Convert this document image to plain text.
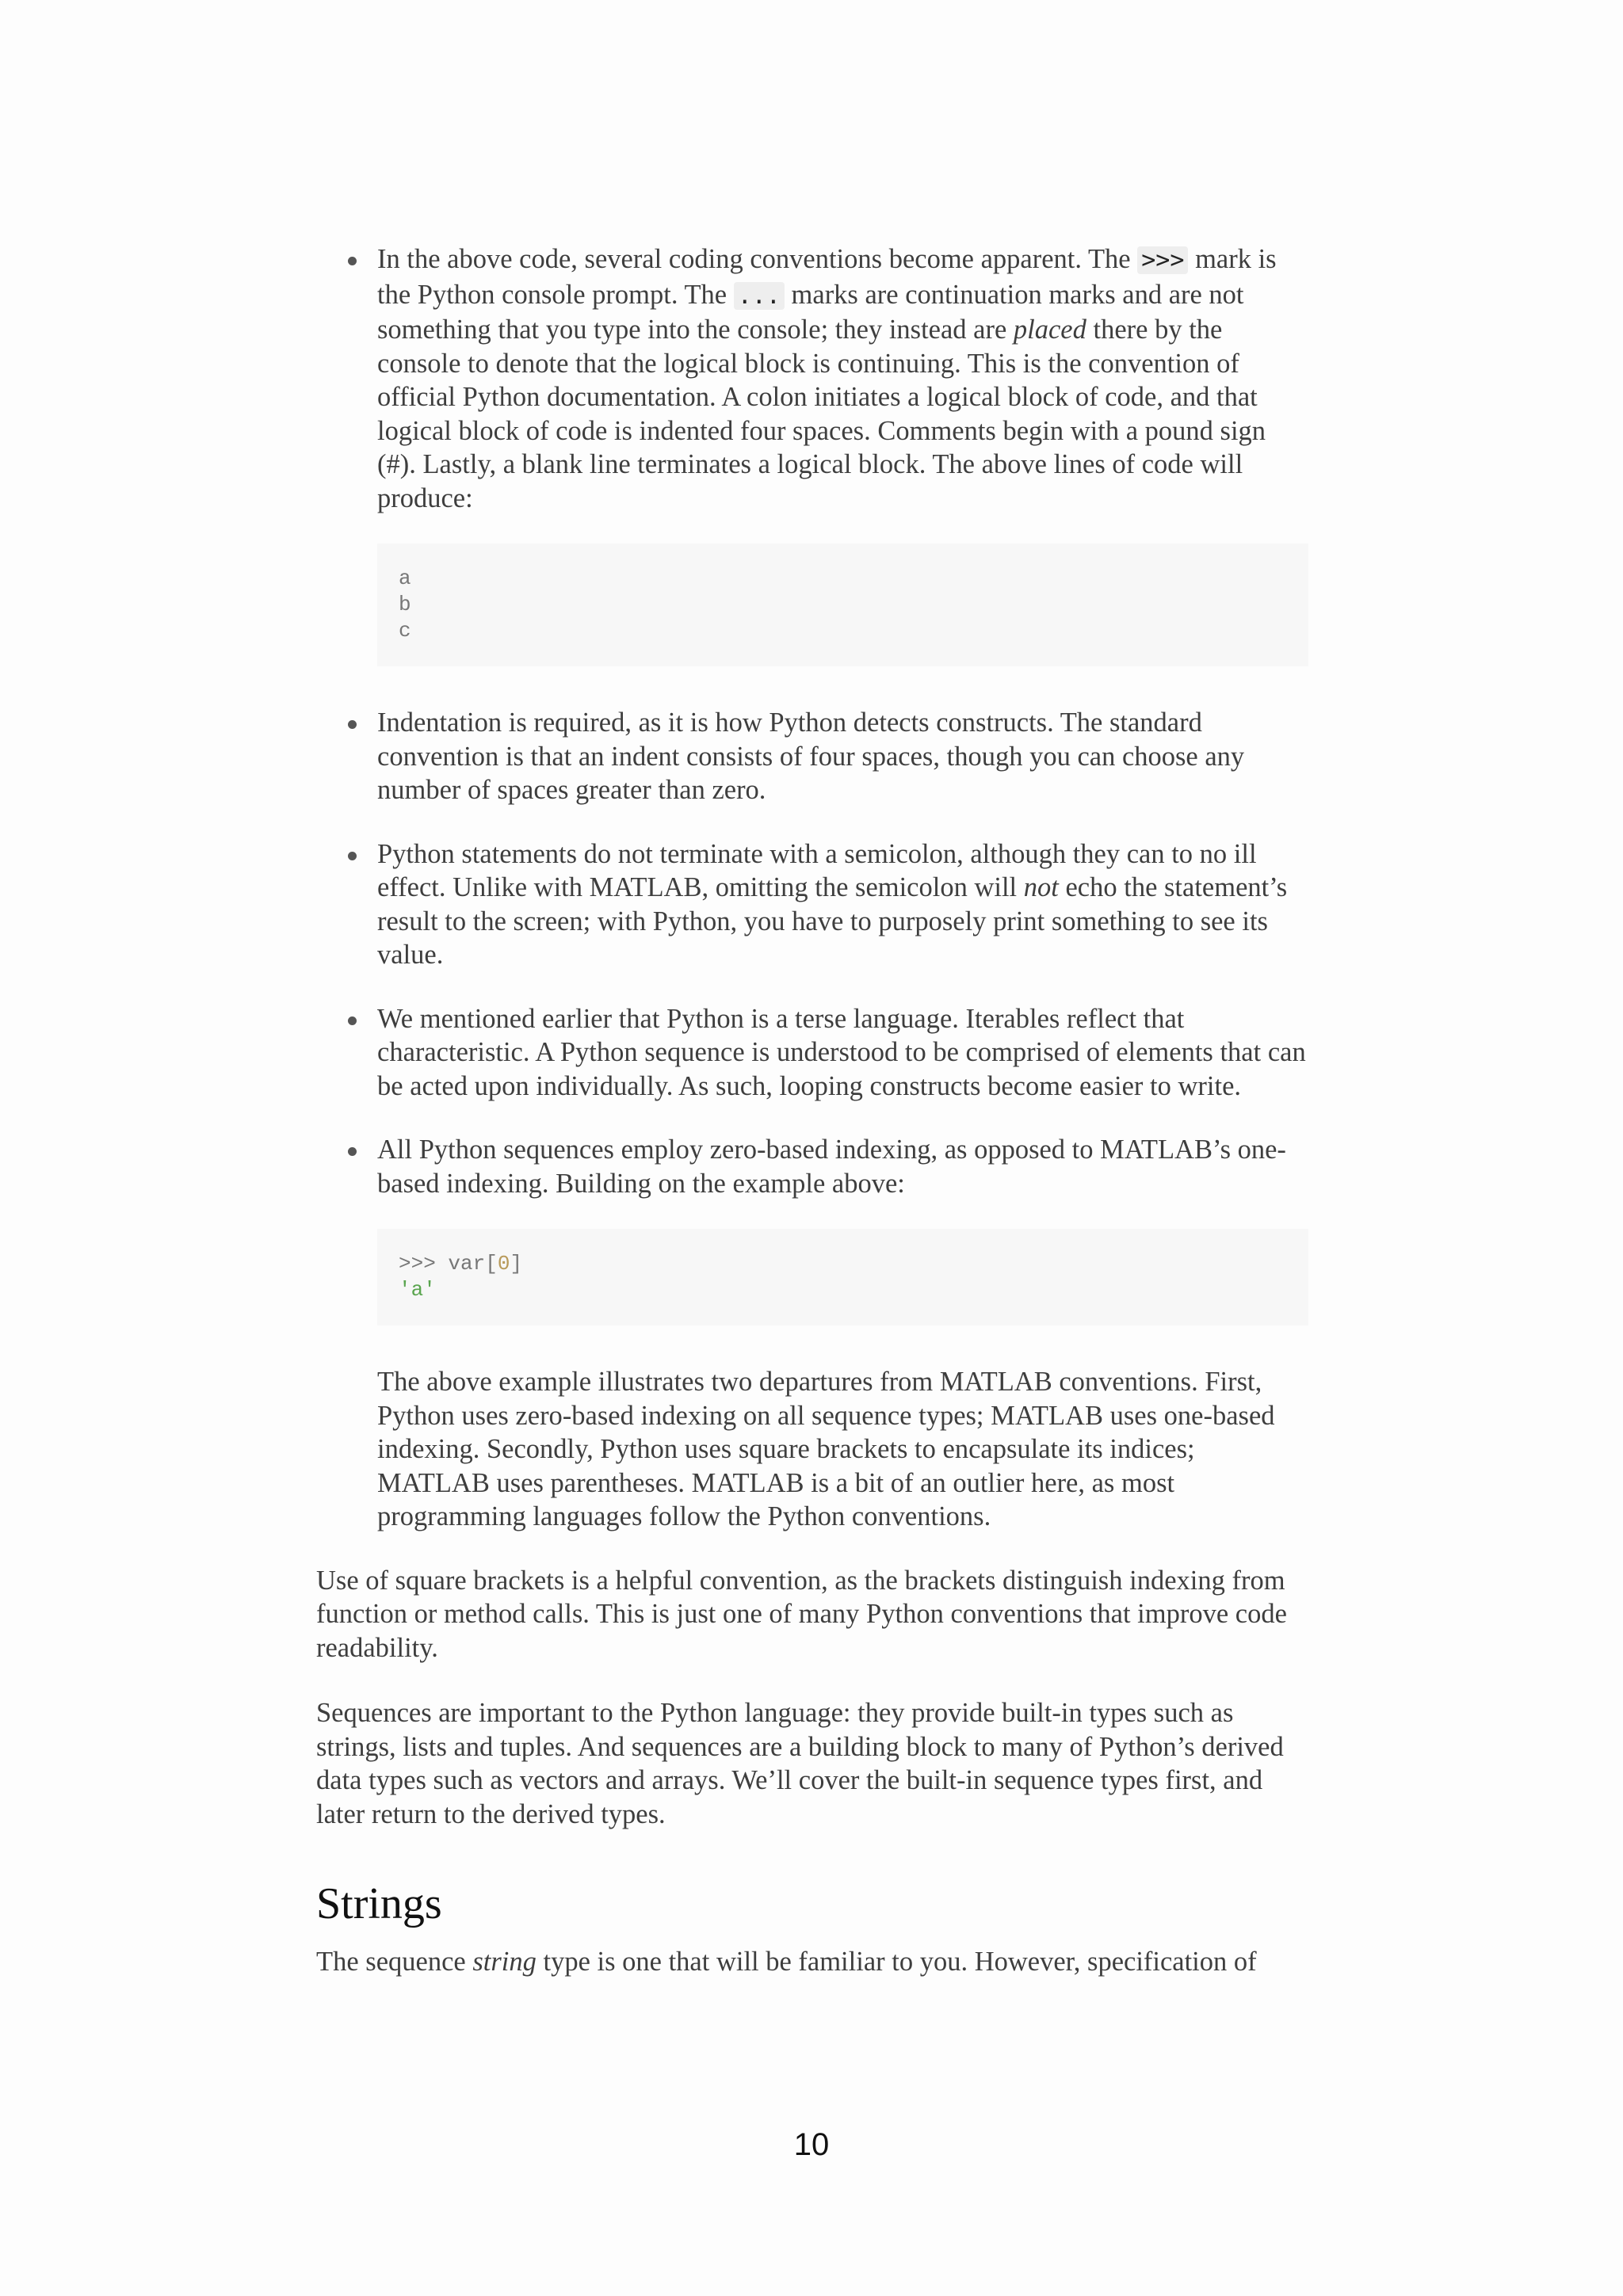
In the above code, several coding conventions become apparent. The >>> mark is the Python console prompt. The ... marks are continuation marks and are not something that you type into the console; they instead are placed there by the console to denote that the logical block is continuing. This is the convention of official Python documentation. A colon initiates a logical block of code, and that logical block of code is indented four spaces. Comments begin with a pound sign (#). Lastly, a blank line terminates a logical block. The above lines of code will produce:

a
b
c

Indentation is required, as it is how Python detects constructs. The standard convention is that an indent consists of four spaces, though you can choose any number of spaces greater than zero.

Python statements do not terminate with a semicolon, although they can to no ill effect. Unlike with MATLAB, omitting the semicolon will not echo the statement’s result to the screen; with Python, you have to purposely print something to see its value.

We mentioned earlier that Python is a terse language. Iterables reflect that characteristic. A Python sequence is understood to be comprised of elements that can be acted upon individually. As such, looping constructs become easier to write.

All Python sequences employ zero-based indexing, as opposed to MATLAB’s one-based indexing. Building on the example above:

>>> var[0]
'a'

The above example illustrates two departures from MATLAB conventions. First, Python uses zero-based indexing on all sequence types; MATLAB uses one-based indexing. Secondly, Python uses square brackets to encapsulate its indices; MATLAB uses parentheses. MATLAB is a bit of an outlier here, as most programming languages follow the Python conventions.

Use of square brackets is a helpful convention, as the brackets distinguish indexing from function or method calls. This is just one of many Python conventions that improve code readability.

Sequences are important to the Python language: they provide built-in types such as strings, lists and tuples. And sequences are a building block to many of Python’s derived data types such as vectors and arrays. We’ll cover the built-in sequence types first, and later return to the derived types.

Strings

The sequence string type is one that will be familiar to you. However, specification of

10
